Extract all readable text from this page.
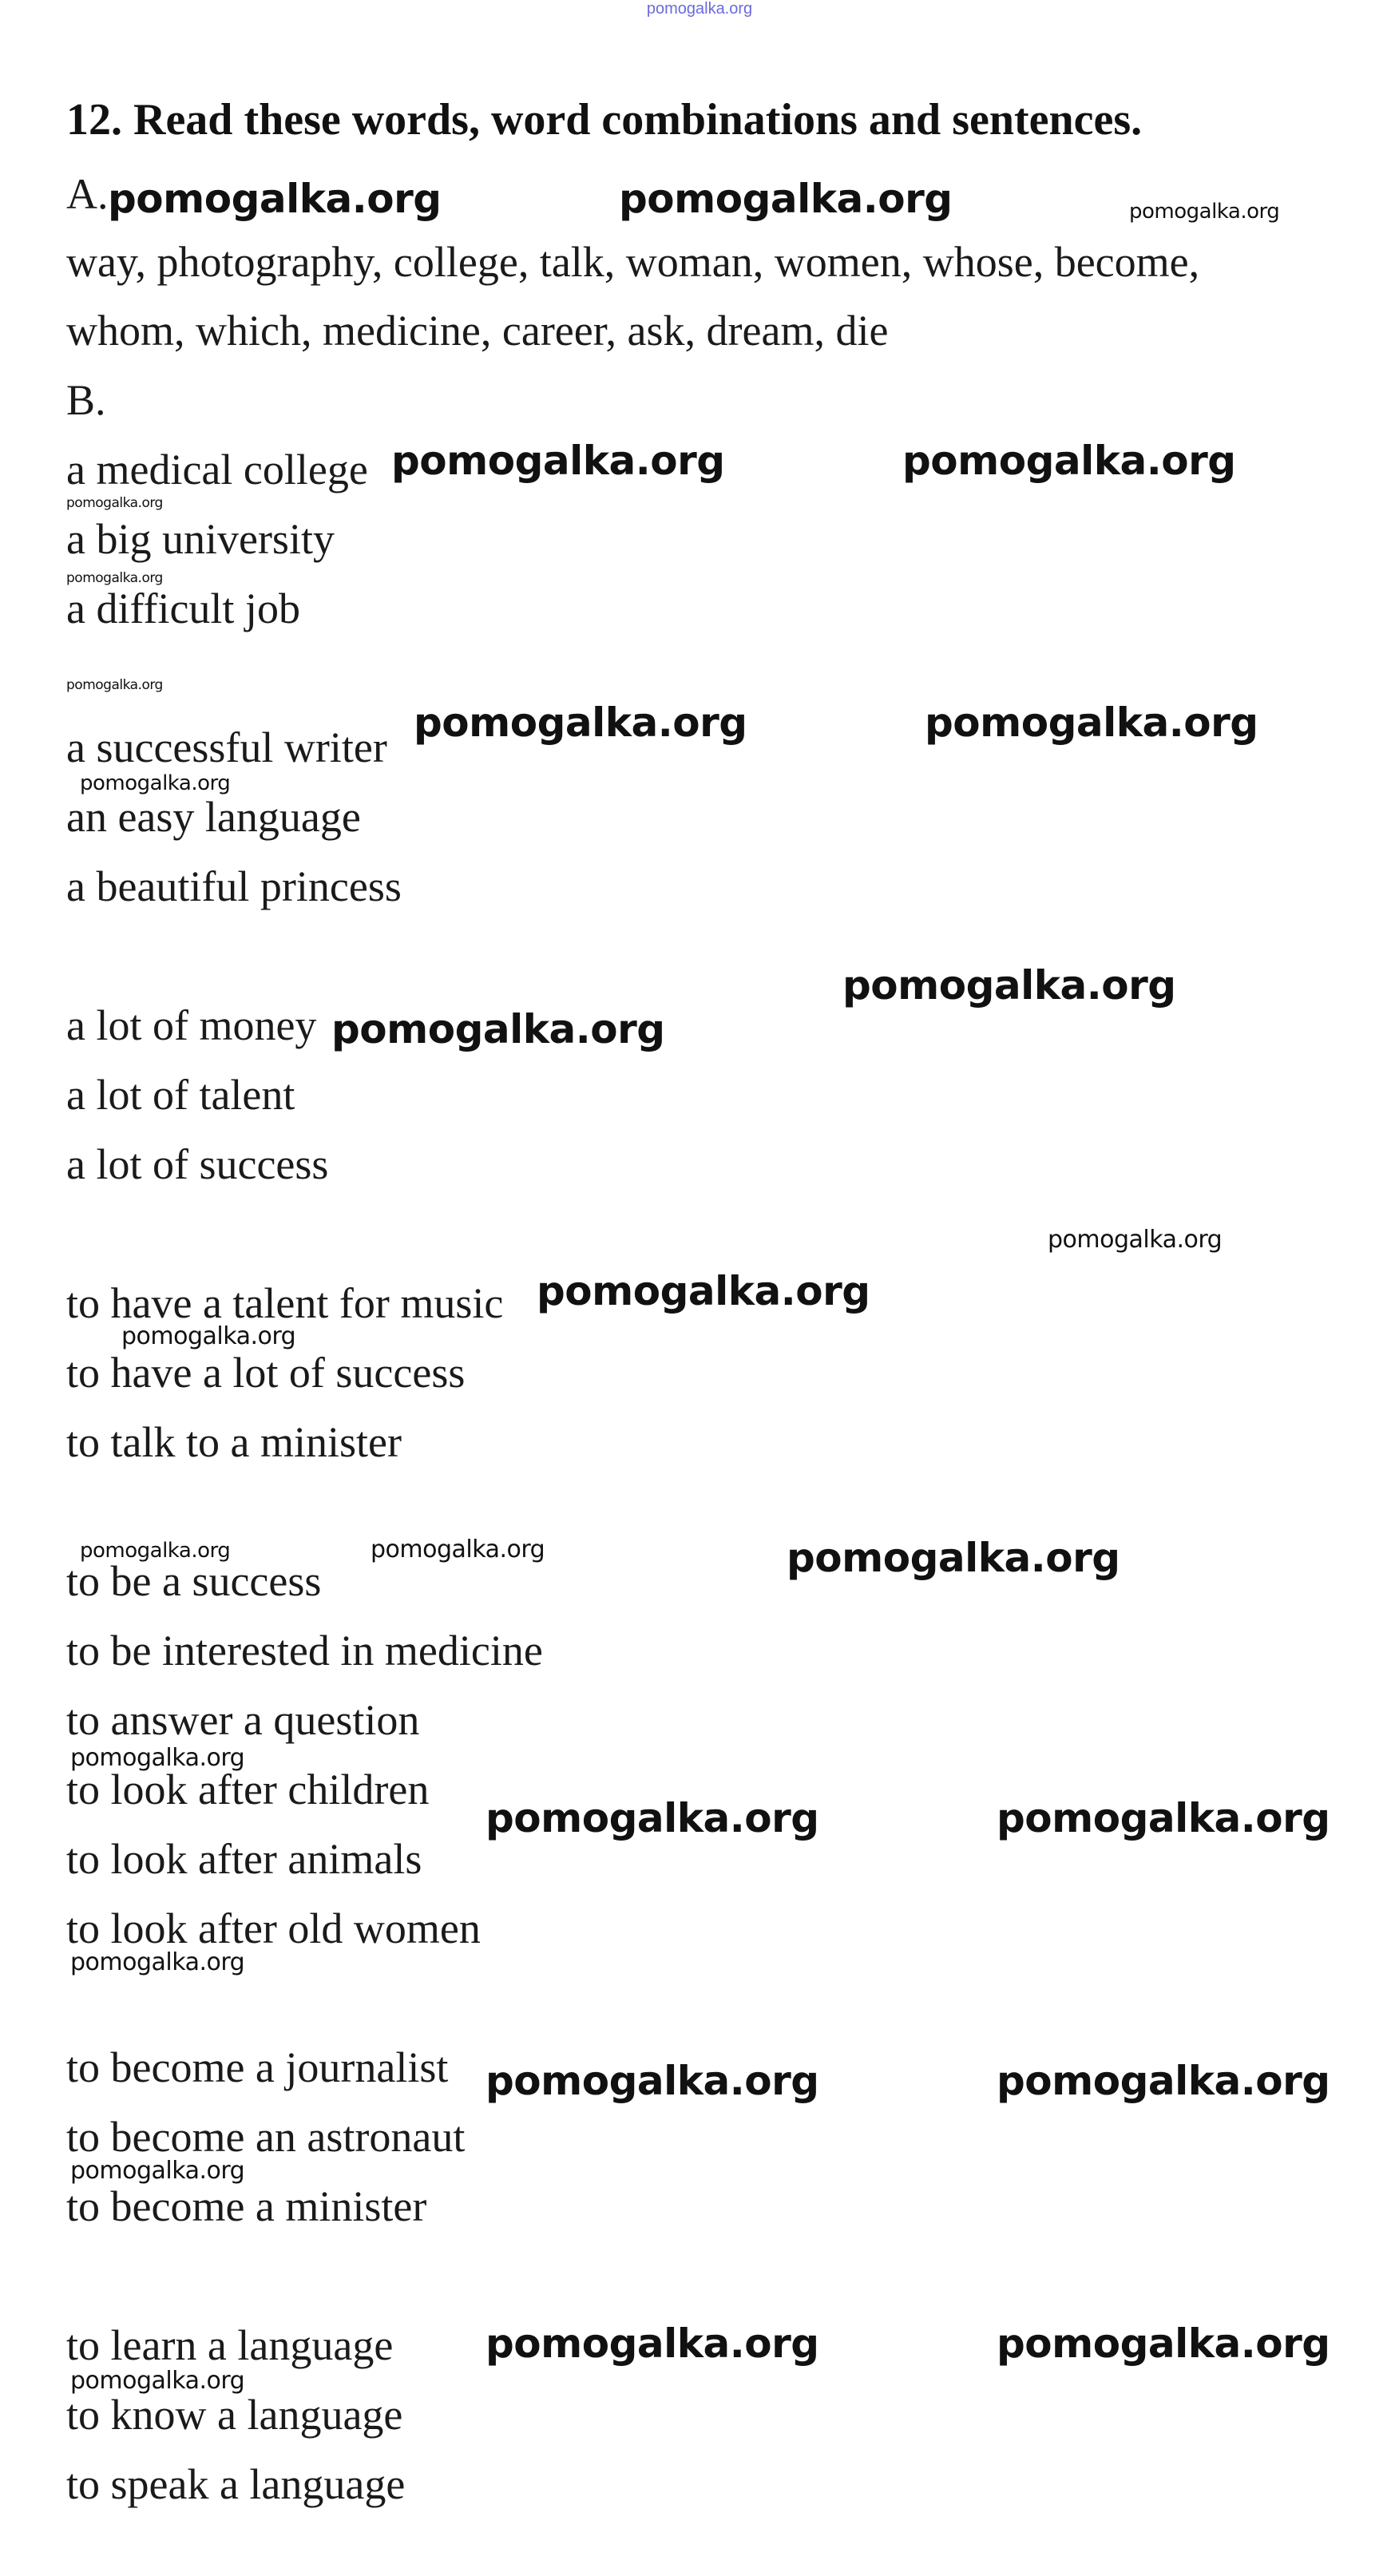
pomogalka.org
12. Read these words, word combinations and sentences.
A.
way, photography, college, talk, woman, women, whose, become,
whom, which, medicine, career, ask, dream, die
B.
a medical college
a big university
a difficult job
a successful writer
an easy language
a beautiful princess
a lot of money
a lot of talent
a lot of success
to have a talent for music
to have a lot of success
to talk to a minister
to be a success
to be interested in medicine
to answer a question
to look after children
to look after animals
to look after old women
to become a journalist
to become an astronaut
to become a minister
to learn a language
to know a language
to speak a language
pomogalka.org	pomogalka.org	pomogalka.org
pomogalka.org	pomogalka.org
pomogalka.org
pomogalka.org
pomogalka.org
pomogalka.org	pomogalka.org
pomogalka.org
pomogalka.org
pomogalka.org
pomogalka.org
pomogalka.org
pomogalka.org
pomogalka.org	pomogalka.org	pomogalka.org
pomogalka.org
pomogalka.org	pomogalka.org
pomogalka.org
pomogalka.org	pomogalka.org
pomogalka.org
pomogalka.org	pomogalka.org
pomogalka.org
